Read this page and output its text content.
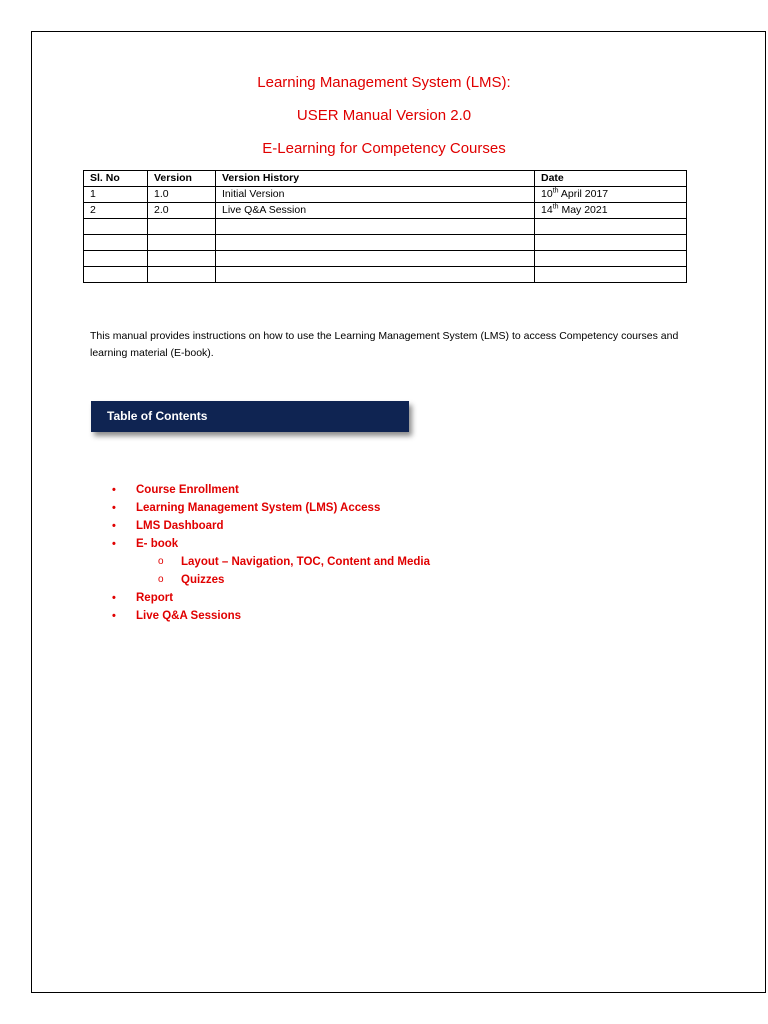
Learning Management System (LMS):
USER Manual Version 2.0
E-Learning for Competency Courses
Sl. No	Version	Version History	Date
1	1.0	Initial Version	10th April 2017
2	2.0	Live Q&A Session	14th May 2021

This manual provides instructions on how to use the Learning Management System (LMS) to access Competency courses and learning material (E-book).
Table of Contents
• Course Enrollment
• Learning Management System (LMS) Access
• LMS Dashboard
• E- book
o Layout – Navigation, TOC, Content and Media
o Quizzes
• Report
• Live Q&A Sessions
